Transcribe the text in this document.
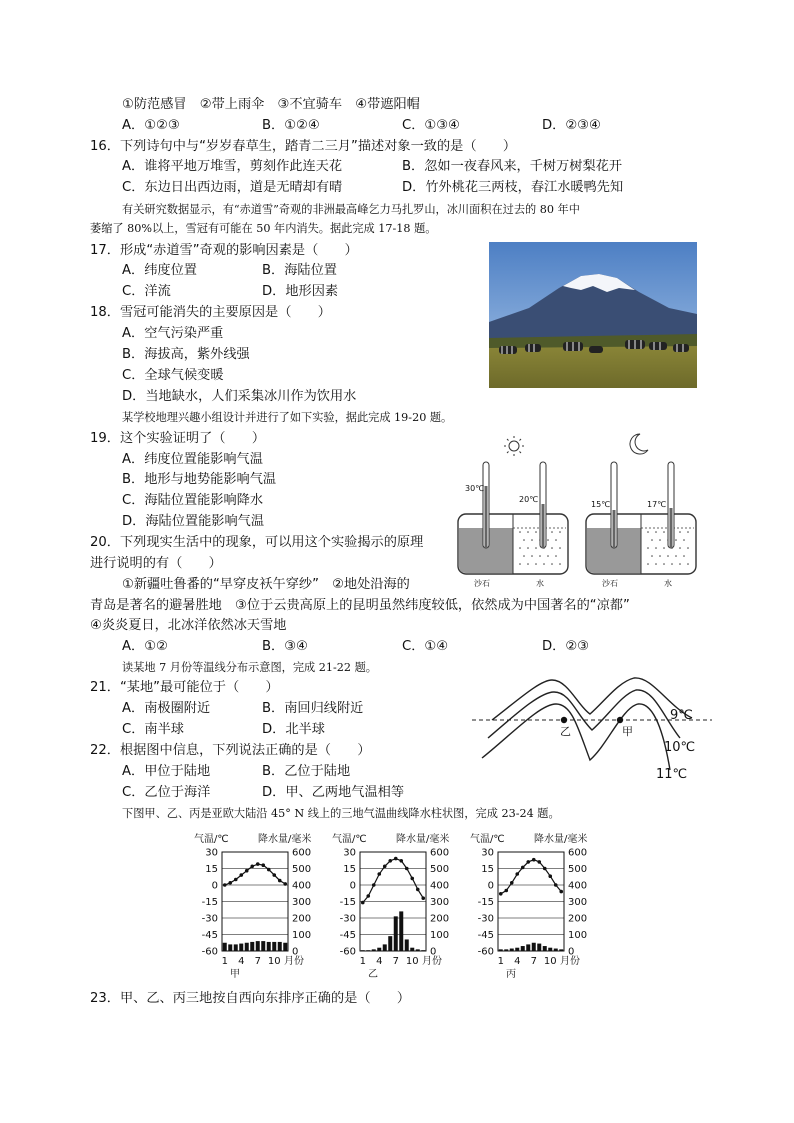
①防范感冒　②带上雨伞　③不宜骑车　④带遮阳帽
A．①②③	B．①②④	C．①③④	D．②③④
16．下列诗句中与“岁岁春草生，踏青二三月”描述对象一致的是（　　）
A．谁将平地万堆雪，剪刻作此连天花	B．忽如一夜春风来，千树万树梨花开
C．东边日出西边雨，道是无晴却有晴	D．竹外桃花三两枝，春江水暖鸭先知
有关研究数据显示，有“赤道雪”奇观的非洲最高峰乞力马扎罗山，冰川面积在过去的 80 年中
萎缩了 80%以上，雪冠有可能在 50 年内消失。据此完成 17-18 题。
17．形成“赤道雪”奇观的影响因素是（　　）
A．纬度位置	B．海陆位置
C．洋流	D．地形因素
18．雪冠可能消失的主要原因是（　　）
A．空气污染严重
B．海拔高，紫外线强
C．全球气候变暖
D．当地缺水，人们采集冰川作为饮用水
某学校地理兴趣小组设计并进行了如下实验，据此完成 19-20 题。
19．这个实验证明了（　　）
A．纬度位置能影响气温
B．地形与地势能影响气温
C．海陆位置能影响降水
D．海陆位置能影响气温
30℃
20℃
沙石	水
15℃	17℃
沙石	水
20．下列现实生活中的现象，可以用这个实验揭示的原理
进行说明的有（　　）
①新疆吐鲁番的“早穿皮袄午穿纱”　②地处沿海的
青岛是著名的避暑胜地　③位于云贵高原上的昆明虽然纬度较低，依然成为中国著名的“凉都”
④炎炎夏日，北冰洋依然冰天雪地
A．①②	B．③④	C．①④	D．②③
读某地 7 月份等温线分布示意图，完成 21-22 题。
21．“某地”最可能位于（　　）
A．南极圈附近	B．南回归线附近
C．南半球	D．北半球
22．根据图中信息，下列说法正确的是（　　）
A．甲位于陆地	B．乙位于陆地
C．乙位于海洋	D．甲、乙两地气温相等
乙	甲
9℃
10℃
11℃
下图甲、乙、丙是亚欧大陆沿 45° N 线上的三地气温曲线降水柱状图，完成 23-24 题。
气温/℃	降水量/毫米
30	600
15	500
0	400
-15	300
-30	200
-45	100
-60	0
1 4 7 10 月份
甲
气温/℃	降水量/毫米
30	600
15	500
0	400
-15	300
-30	200
-45	100
-60	0
1 4 7 10 月份
乙
气温/℃	降水量/毫米
30	600
15	500
0	400
-15	300
-30	200
-45	100
-60	0
1 4 7 10 月份
丙
23．甲、乙、丙三地按自西向东排序正确的是（　　）
